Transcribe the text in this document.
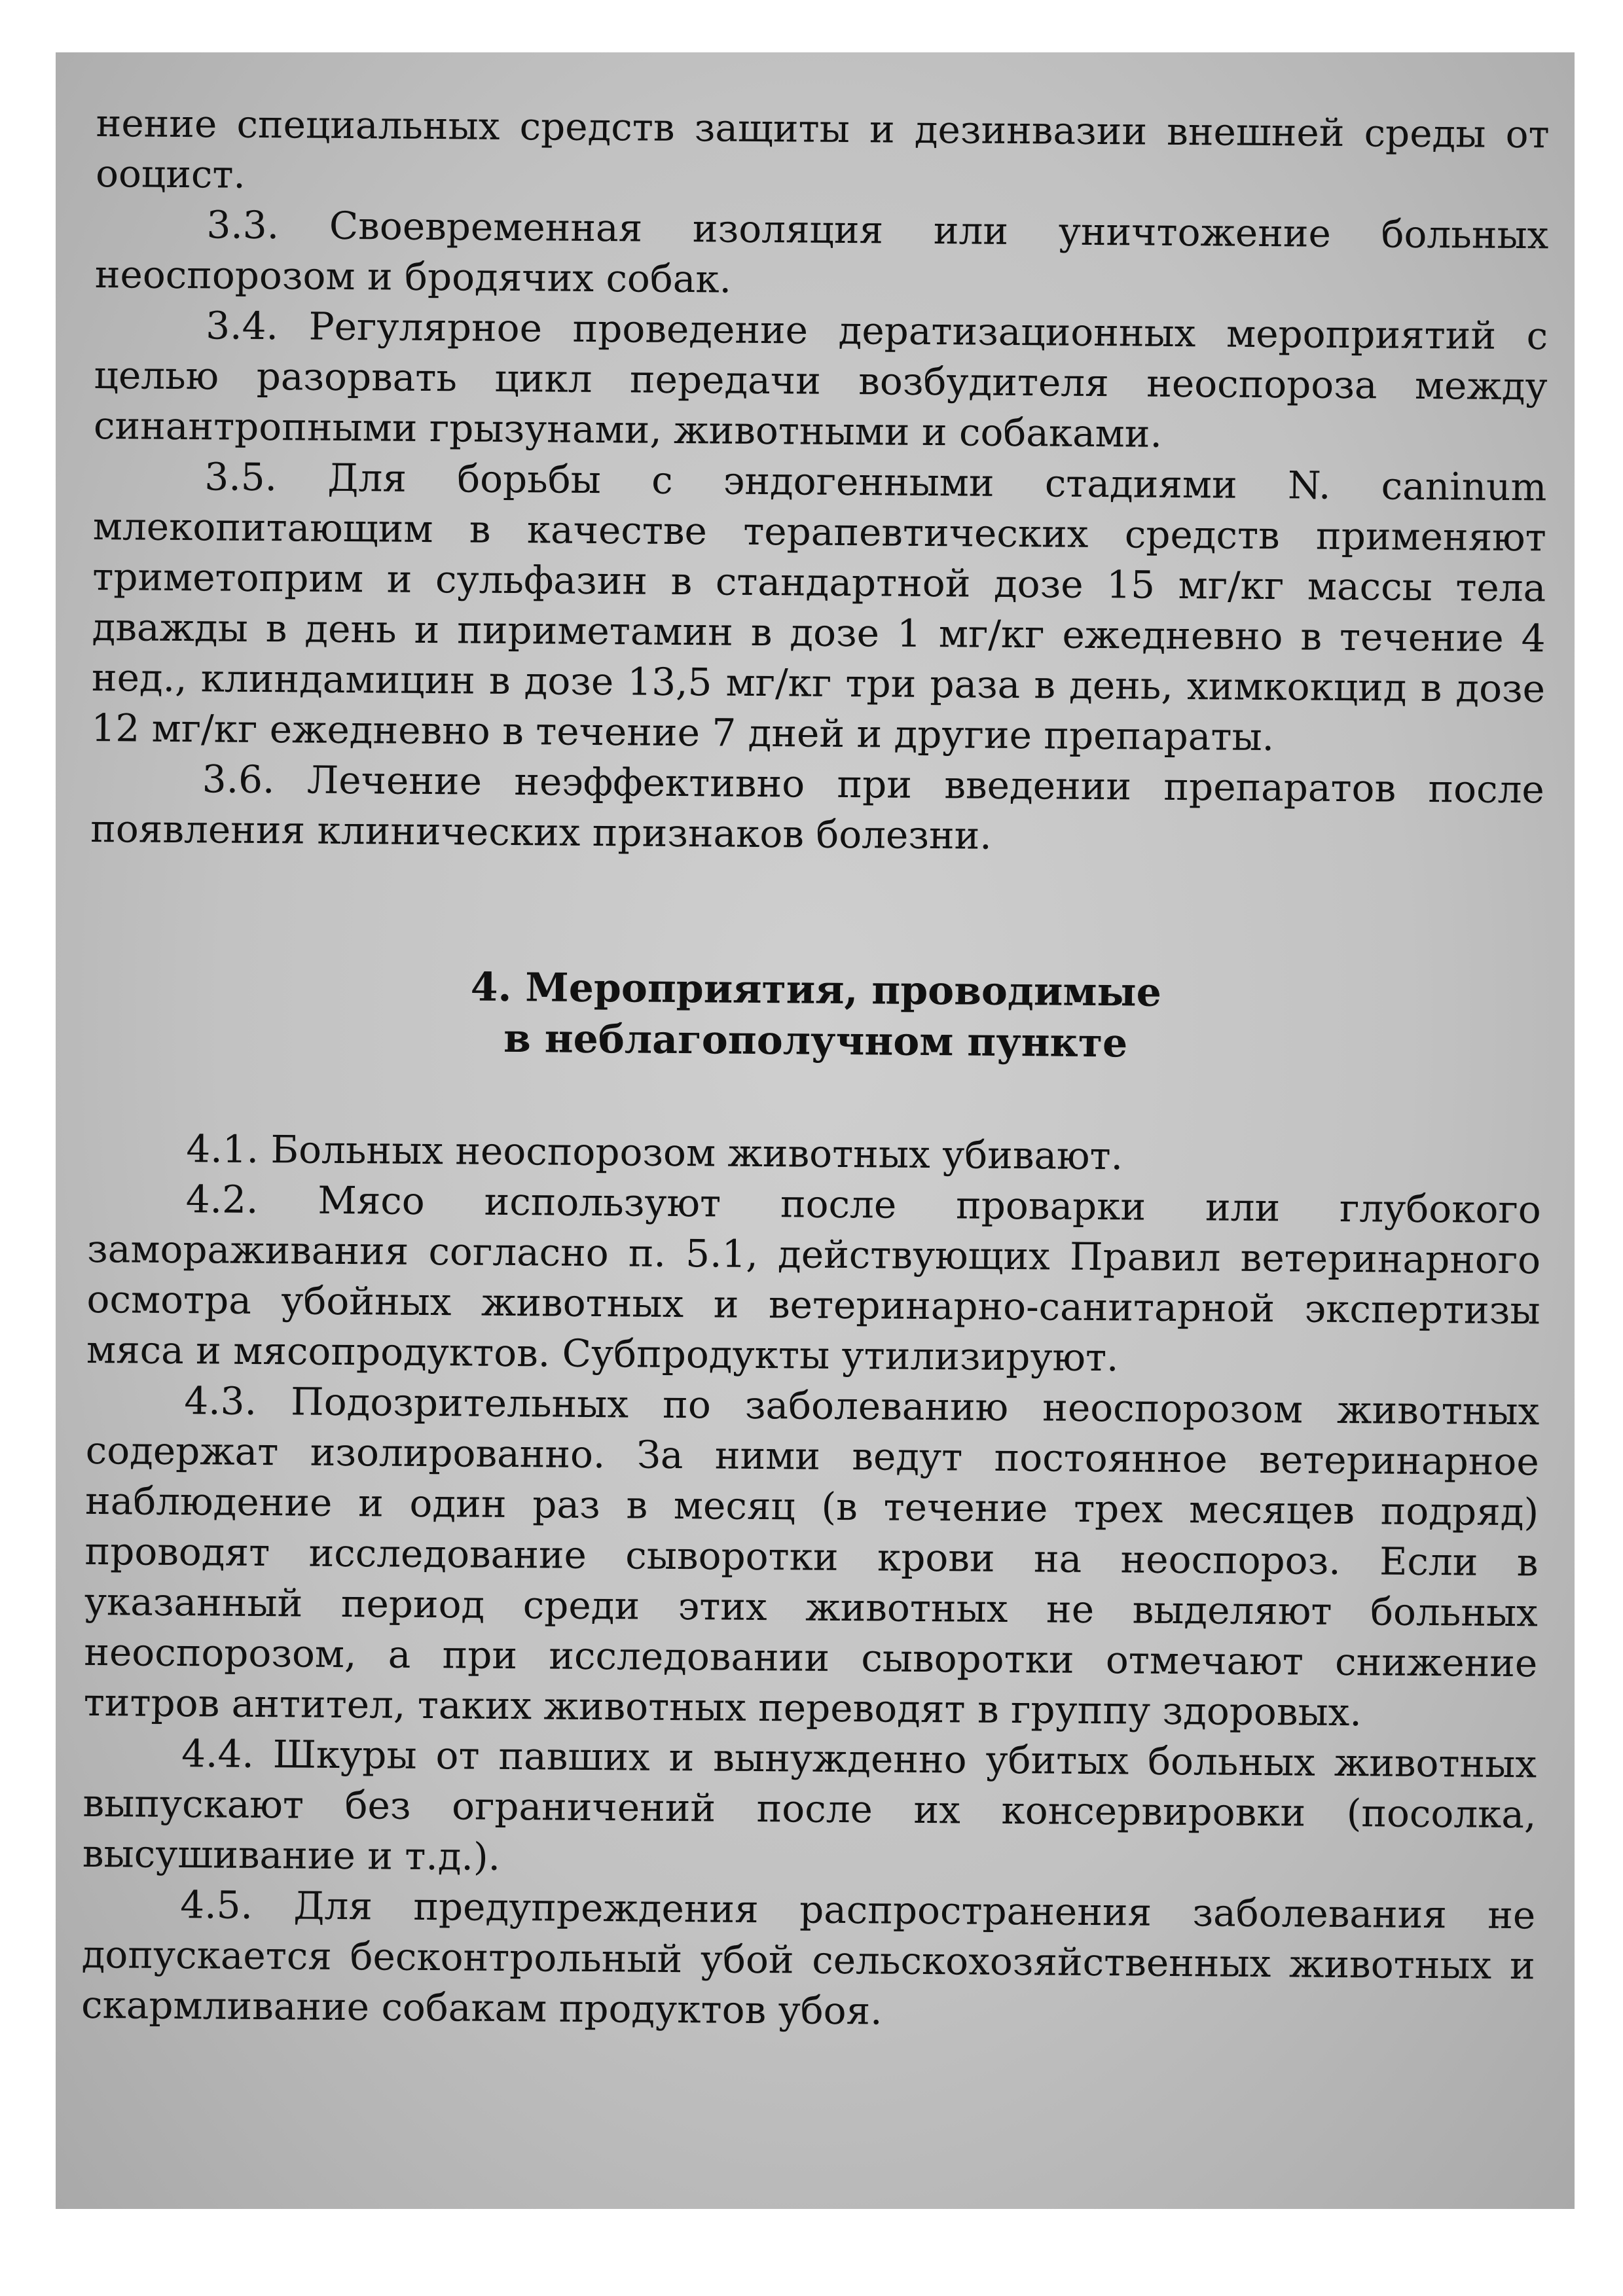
нение специальных средств защиты и дезинвазии внешней среды от ооцист.

3.3. Своевременная изоляция или уничтожение больных неоспорозом и бродячих собак.

3.4. Регулярное проведение дератизационных мероприятий с целью разорвать цикл передачи возбудителя неоспороза между синантропными грызунами, животными и собаками.

3.5. Для борьбы с эндогенными стадиями N. caninum млекопитающим в качестве терапевтических средств применяют триметоприм и сульфазин в стандартной дозе 15 мг/кг массы тела дважды в день и пириметамин в дозе 1 мг/кг ежедневно в течение 4 нед., клиндамицин в дозе 13,5 мг/кг три раза в день, химкокцид в дозе 12 мг/кг ежедневно в течение 7 дней и другие препараты.

3.6. Лечение неэффективно при введении препаратов после появления клинических признаков болезни.

4. Мероприятия, проводимые
в неблагополучном пункте

4.1. Больных неоспорозом животных убивают.

4.2. Мясо используют после проварки или глубокого замораживания согласно п. 5.1, действующих Правил ветеринарного осмотра убойных животных и ветеринарно-санитарной экспертизы мяса и мясопродуктов. Субпродукты утилизируют.

4.3. Подозрительных по заболеванию неоспорозом животных содержат изолированно. За ними ведут постоянное ветеринарное наблюдение и один раз в месяц (в течение трех месяцев подряд) проводят исследование сыворотки крови на неоспороз. Если в указанный период среди этих животных не выделяют больных неоспорозом, а при исследовании сыворотки отмечают снижение титров антител, таких животных переводят в группу здоровых.

4.4. Шкуры от павших и вынужденно убитых больных животных выпускают без ограничений после их консервировки (посолка, высушивание и т.д.).

4.5. Для предупреждения распространения заболевания не допускается бесконтрольный убой сельскохозяйственных животных и скармливание собакам продуктов убоя.
